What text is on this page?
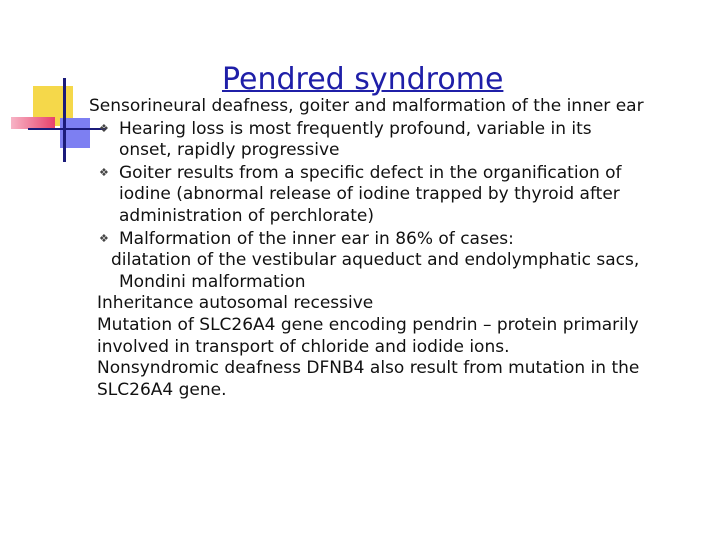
Pendred syndrome

Sensorineural deafness, goiter and malformation of the inner ear

❖ Hearing loss is most frequently profound, variable in its onset, rapidly progressive

❖ Goiter results from a specific defect in the organification of iodine (abnormal release of iodine trapped by thyroid after administration of perchlorate)

❖ Malformation of the inner ear in 86% of cases:

dilatation of the vestibular aqueduct and endolymphatic sacs, Mondini malformation

Inheritance autosomal recessive

Mutation of SLC26A4 gene encoding pendrin – protein primarily involved in transport of chloride and iodide ions.

Nonsyndromic deafness DFNB4 also result from mutation in the SLC26A4 gene.
